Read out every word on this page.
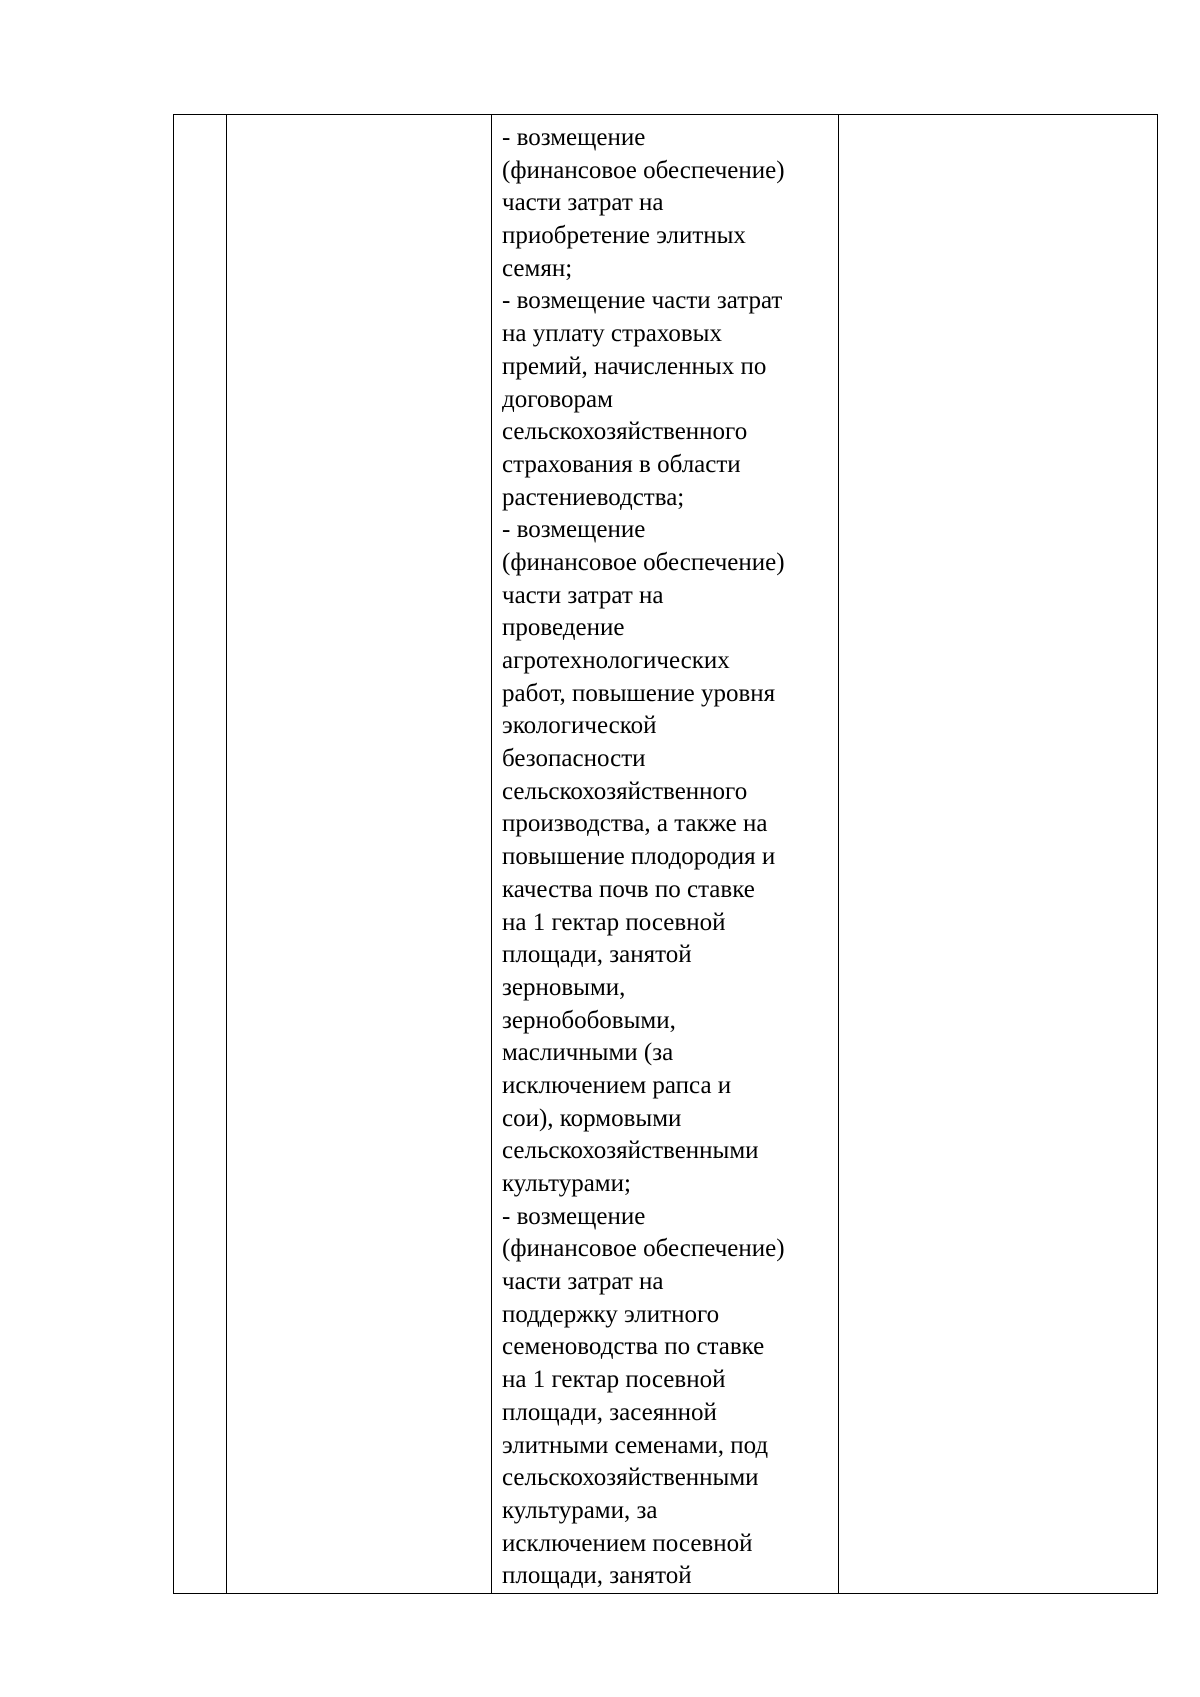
- возмещение
(финансовое обеспечение)
части затрат на
приобретение элитных
семян;
- возмещение части затрат
на уплату страховых
премий, начисленных по
договорам
сельскохозяйственного
страхования в области
растениеводства;
- возмещение
(финансовое обеспечение)
части затрат на
проведение
агротехнологических
работ, повышение уровня
экологической
безопасности
сельскохозяйственного
производства, а также на
повышение плодородия и
качества почв по ставке
на 1 гектар посевной
площади, занятой
зерновыми,
зернобобовыми,
масличными (за
исключением рапса и
сои), кормовыми
сельскохозяйственными
культурами;
- возмещение
(финансовое обеспечение)
части затрат на
поддержку элитного
семеноводства по ставке
на 1 гектар посевной
площади, засеянной
элитными семенами, под
сельскохозяйственными
культурами, за
исключением посевной
площади, занятой
